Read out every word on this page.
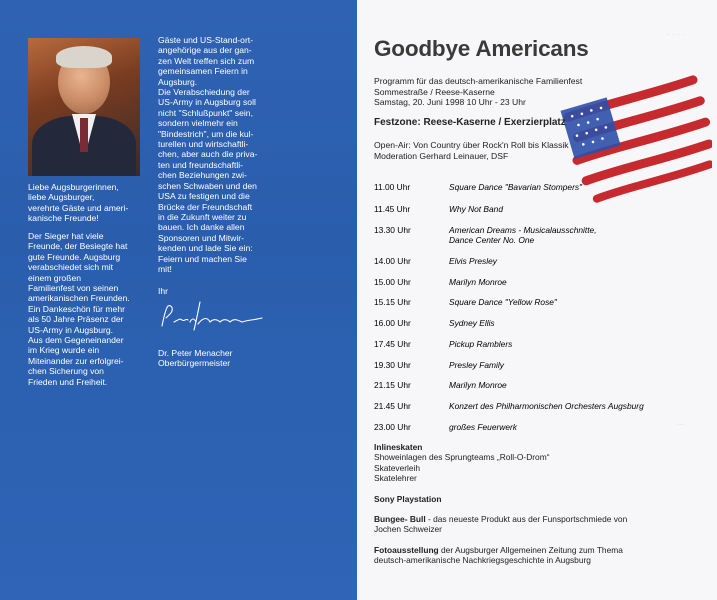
Liebe Augsburgerinnen,
liebe Augsburger,
verehrte Gäste und ameri-
kanische Freunde!
Der Sieger hat viele
Freunde, der Besiegte hat
gute Freunde. Augsburg
verabschiedet sich mit
einem großen
Familienfest von seinen
amerikanischen Freunden.
Ein Dankeschön für mehr
als 50 Jahre Präsenz der
US-Army in Augsburg.
Aus dem Gegeneinander
im Krieg wurde ein
Miteinander zur erfolgrei-
chen Sicherung von
Frieden und Freiheit.
Gäste und US-Stand-ort-
angehörige aus der gan-
zen Welt treffen sich zum
gemeinsamen Feiern in
Augsburg.
Die Verabschiedung der
US-Army in Augsburg soll
nicht "Schlußpunkt" sein,
sondern vielmehr ein
"Bindestrich", um die kul-
turellen und wirtschaftli-
chen, aber auch die priva-
ten und freundschaftli-
chen Beziehungen zwi-
schen Schwaben und den
USA zu festigen und die
Brücke der Freundschaft
in die Zukunft weiter zu
bauen. Ich danke allen
Sponsoren und Mitwir-
kenden und lade Sie ein:
Feiern und machen Sie
mit!
Ihr
Dr. Peter Menacher
Oberbürgermeister
· · · ·
···
Goodbye Americans
Programm für das deutsch-amerikanische Familienfest
Sommestraße / Reese-Kaserne
Samstag, 20. Juni 1998 10 Uhr - 23 Uhr
Festzone: Reese-Kaserne / Exerzierplatz
Open-Air: Von Country über Rock'n Roll bis Klassik
Moderation Gerhard Leinauer, DSF
11.00 Uhr	Square Dance "Bavarian Stompers"
11.45 Uhr	Why Not Band
13.30 Uhr	American Dreams - Musicalausschnitte,
Dance Center No. One
14.00 Uhr	Elvis Presley
15.00 Uhr	Marilyn Monroe
15.15 Uhr	Square Dance "Yellow Rose"
16.00 Uhr	Sydney Ellis
17.45 Uhr	Pickup Ramblers
19.30 Uhr	Presley Family
21.15 Uhr	Marilyn Monroe
21.45 Uhr	Konzert des Philharmonischen Orchesters Augsburg
23.00 Uhr	großes Feuerwerk
Inlineskaten
Showeinlagen des Sprungteams „Roll-O-Drom“
Skateverleih
Skatelehrer
Sony Playstation
Bungee- Bull - das neueste Produkt aus der Funsportschmiede von
Jochen Schweizer
Fotoausstellung der Augsburger Allgemeinen Zeitung zum Thema
deutsch-amerikanische Nachkriegsgeschichte in Augsburg
